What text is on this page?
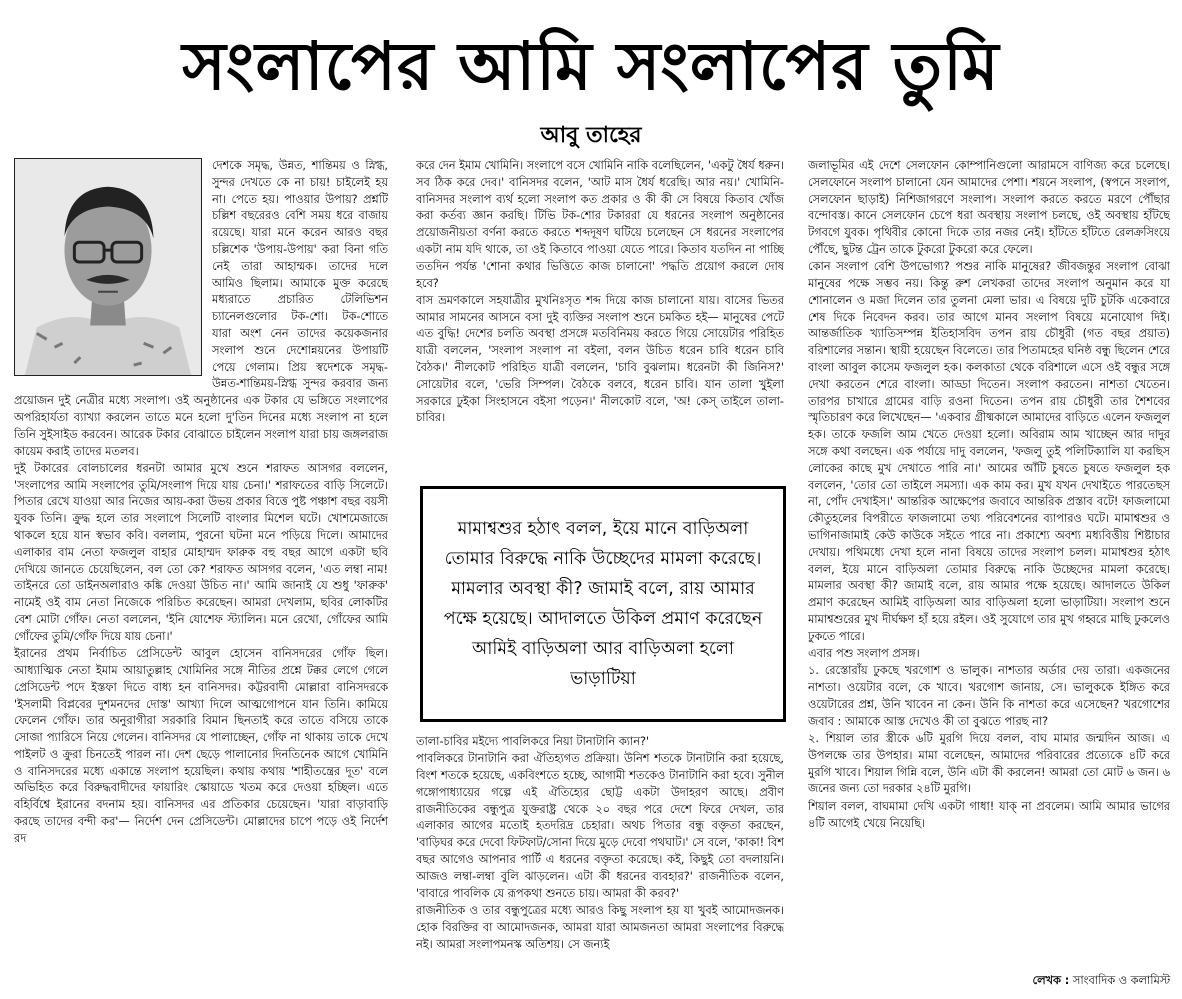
সংলাপের আমি সংলাপের তুমি
আবু তাহের

দেশকে সমৃদ্ধ, উন্নত, শান্তিময় ও স্নিগ্ধ, সুন্দর দেখতে কে না চায়! চাইলেই হয় না। পেতে হয়। পাওয়ার উপায়? প্রশ্নটি চল্লিশ বছরেরও বেশি সময় ধরে বাজায় রয়েছে। যারা মনে করেন আরও বছর চল্লিশেক 'উপায়-উপায়' করা বিনা গতি নেই তারা আহাম্মক। তাদের দলে আমিও ছিলাম। আমাকে মুক্ত করেছে মধ্যরাতে প্রচারিত টেলিভিশন চ্যানেলগুলোর টক-শো। টক-শোতে যারা অংশ নেন তাদের কয়েকজনার সংলাপ শুনে দেশোন্নয়নের উপায়টি পেয়ে গেলাম। প্রিয় স্বদেশকে সমৃদ্ধ-উন্নত-শান্তিময়-স্নিগ্ধ সুন্দর করবার জন্য প্রয়োজন দুই নেত্রীর মধ্যে সংলাপ। ওই অনুষ্ঠানের এক টকার যে ভঙ্গিতে সংলাপের অপরিহার্যতা ব্যাখ্যা করলেন তাতে মনে হলো দু'তিন দিনের মধ্যে সংলাপ না হলে তিনি সুইসাইড করবেন। আরেক টকার বোঝাতে চাইলেন সংলাপ যারা চায় জঙ্গলরাজ কায়েম করাই তাদের মতলব।

দুই টকারের বোলচালের ধরনটা আমার মুখে শুনে শরাফত আসগর বললেন, 'সংলাপের আমি সংলাপের তুমি/সংলাপ দিয়ে যায় চেনা।' শরাফতের বাড়ি সিলেটে। পিতার রেখে যাওয়া আর নিজের আয়-করা উভয় প্রকার বিত্তে পুষ্ট পঞ্চাশ বছর বয়সী যুবক তিনি। ক্রুদ্ধ হলে তার সংলাপে সিলেটি বাংলার মিশেল ঘটে। খোশমেজাজে থাকলে হয়ে যান স্বভাব কবি। বললাম, পুরনো ঘটনা মনে পড়িয়ে দিলে। আমাদের এলাকার বাম নেতা ফজলুল বাহার মোহাম্মদ ফারুক বহু বছর আগে একটা ছবি দেখিয়ে জানতে চেয়েছিলেন, বল তো কে? শরাফত আসগর বলেন, 'এত লম্বা নাম! তাইনরে তো ডাইনঅলারাও কঙ্কি দেওয়া উচিত না।' আমি জানাই যে শুধু 'ফারুক' নামেই ওই বাম নেতা নিজেকে পরিচিত করেছেন। আমরা দেখলাম, ছবির লোকটির বেশ মোটা গোঁফ। নেতা বললেন, 'ইনি যোশেফ স্ট্যালিন। মনে রেখো, গোঁফের আমি গোঁফের তুমি/গোঁফ দিয়ে যায় চেনা।'

ইরানের প্রথম নির্বাচিত প্রেসিডেন্ট আবুল হোসেন বানিসদরের গোঁফ ছিল। আধ্যাত্মিক নেতা ইমাম আয়াতুল্লাহ খোমিনির সঙ্গে নীতির প্রশ্নে টক্কর লেগে গেলে প্রেসিডেন্ট পদে ইস্তফা দিতে বাধ্য হন বানিসদর। কট্টরবাদী মোল্লারা বানিসদরকে 'ইসলামী বিপ্লবের দুশমনদের দোস্ত' আখ্যা দিলে আত্মগোপনে যান তিনি। কামিয়ে ফেলেন গোঁফ। তার অনুরাগীরা সরকারি বিমান ছিনতাই করে তাতে বসিয়ে তাকে সোজা প্যারিসে নিয়ে গেলেন। বানিসদর যে পালাচ্ছেন, গোঁফ না থাকায় তাকে দেখে পাইলট ও ক্রুরা চিনতেই পারল না। দেশ ছেড়ে পালানোর দিনতিনেক আগে খোমিনি ও বানিসদরের মধ্যে একান্তে সংলাপ হয়েছিল। কথায় কথায় 'শাহীতন্ত্রের দূত' বলে অভিহিত করে বিরুদ্ধবাদীদের ফায়ারিং স্কোয়াডে খতম করে দেওয়া হচ্ছিল। এতে বহির্বিশ্বে ইরানের বদনাম হয়। বানিসদর এর প্রতিকার চেয়েছেন। 'যারা বাড়াবাড়ি করছে তাদের বন্দী কর'— নির্দেশ দেন প্রেসিডেন্ট। মোল্লাদের চাপে পড়ে ওই নির্দেশ রদ

করে দেন ইমাম খোমিনি। সংলাপে বসে খোমিনি নাকি বলেছিলেন, 'একটু ধৈর্য ধরুন। সব ঠিক করে দেব।' বানিসদর বলেন, 'আট মাস ধৈর্য ধরেছি। আর নয়।' খোমিনি-বানিসদর সংলাপ ব্যর্থ হলো সংলাপ কত প্রকার ও কী কী সে বিষয়ে কিতাব খোঁজ করা কর্তব্য জ্ঞান করছি। টিভি টক-শোর টকাররা যে ধরনের সংলাপ অনুষ্ঠানের প্রয়োজনীয়তা বর্ণনা করতে করতে শব্দদূষণ ঘটিয়ে চলেছেন সে ধরনের সংলাপের একটা নাম যদি থাকে, তা ওই কিতাবে পাওয়া যেতে পারে। কিতাব যতদিন না পাচ্ছি ততদিন পর্যন্ত 'শোনা কথার ভিত্তিতে কাজ চালানো' পদ্ধতি প্রয়োগ করলে দোষ হবে?

বাস ভ্রমণকালে সহযাত্রীর মুখনিঃসৃত শব্দ দিয়ে কাজ চালানো যায়। বাসের ভিতর আমার সামনের আসনে বসা দুই ব্যক্তির সংলাপ শুনে চমকিত হই— মানুষের পেটে এত বুদ্ধি! দেশের চলতি অবস্থা প্রসঙ্গে মতবিনিময় করতে গিয়ে সোয়েটার পরিহিত যাত্রী বললেন, 'সংলাপ সংলাপ না বইলা, বলন উচিত ধরেন চাবি ধরেন চাবি বৈঠক।' নীলকোট পরিহিত যাত্রী বললেন, 'চাবি বুঝলাম। ধরেনটা কী জিনিস?' সোয়েটার বলে, 'ভেরি সিম্পল। বৈঠকে বলবে, ধরেন চাবি। যান তালা খুইলা সরকারে ঢুইকা সিংহাসনে বইসা পড়েন।' নীলকোট বলে, 'অ! কেস্ তাইলে তালা-চাবির।

মামাশ্বশুর হঠাৎ বলল, ইয়ে মানে বাড়িঅলা তোমার বিরুদ্ধে নাকি উচ্ছেদের মামলা করেছে। মামলার অবস্থা কী? জামাই বলে, রায় আমার পক্ষে হয়েছে। আদালতে উকিল প্রমাণ করেছেন আমিই বাড়িঅলা আর বাড়িঅলা হলো ভাড়াটিয়া

তালা-চাবির মইদ্যে পাবলিকরে নিয়া টানাটানি ক্যান?'

পাবলিকরে টানাটানি করা ঐতিহ্যগত প্রক্রিয়া। উনিশ শতকে টানাটানি করা হয়েছে, বিংশ শতকে হয়েছে, একবিংশতে হচ্ছে, আগামী শতকেও টানাটানি করা হবে। সুনীল গঙ্গোপাধ্যায়ের গল্পে এই ঐতিহ্যের ছোট্ট একটা উদাহরণ আছে। প্রবীণ রাজনীতিকের বন্ধুপুত্র যুক্তরাষ্ট্র থেকে ২০ বছর পরে দেশে ফিরে দেখল, তার এলাকার আগের মতোই হতদরিদ্র চেহারা। অথচ পিতার বন্ধু বক্তৃতা করছেন, 'বাড়িঘর করে দেবো ফিটফাট/সোনা দিয়ে মুড়ে দেবো পথঘাট।' সে বলে, 'কাকা! বিশ বছর আগেও আপনার পার্টি এ ধরনের বক্তৃতা করেছে। কই, কিছুই তো বদলায়নি। আজও লম্বা-লম্বা বুলি ঝাড়লেন। এটা কী ধরনের ব্যবহার?' রাজনীতিক বলেন, 'বাবারে পাবলিক যে রূপকথা শুনতে চায়। আমরা কী করব?'

রাজনীতিক ও তার বন্ধুপুত্রের মধ্যে আরও কিছু সংলাপ হয় যা খুবই আমোদজনক। হোক বিরক্তির বা আমোদজনক, আমরা যারা আমজনতা আমরা সংলাপের বিরুদ্ধে নই। আমরা সংলাপমনস্ক অতিশয়। সে জন্যই

জলাভূমির এই দেশে সেলফোন কোম্পানিগুলো আরামসে বাণিজ্য করে চলেছে। সেলফোনে সংলাপ চালানো যেন আমাদের পেশা। শয়নে সংলাপ, (স্বপনে সংলাপ, সেলফোন ছাড়াই) নিশিজাগরণে সংলাপ। সংলাপ করতে করতে মরণে পৌঁছার বন্দোবস্ত। কানে সেলফোন চেপে ধরা অবস্থায় সংলাপ চলছে, ওই অবস্থায় হাঁটছে টগবগে যুবক। পৃথিবীর কোনো দিকে তার নজর নেই। হাঁটতে হাঁটতে রেলক্রসিংয়ে পৌঁছে, ছুটন্ত ট্রেন তাকে টুকরো টুকরো করে ফেলে।

কোন সংলাপ বেশি উপভোগ্য? পশুর নাকি মানুষের? জীবজন্তুর সংলাপ বোঝা মানুষের পক্ষে সম্ভব নয়। কিন্তু রুশ লেখকরা তাদের সংলাপ অনুমান করে যা শোনালেন ও মজা দিলেন তার তুলনা মেলা ভার। এ বিষয়ে দুটি চুটকি একেবারে শেষ দিকে নিবেদন করব। তার আগে মানব সংলাপ বিষয়ে মনোযোগ দিই। আন্তর্জাতিক খ্যাতিসম্পন্ন ইতিহাসবিদ তপন রায় চৌধুরী (গত বছর প্রয়াত) বরিশালের সন্তান। স্থায়ী হয়েছেন বিলেতে। তার পিতামহের ঘনিষ্ঠ বন্ধু ছিলেন শেরে বাংলা আবুল কাসেম ফজলুল হক। কলকাতা থেকে বরিশালে এসে ওই বন্ধুর সঙ্গে দেখা করতেন শেরে বাংলা। আড্ডা দিতেন। সংলাপ করতেন। নাশতা খেতেন। তারপর চাখারে গ্রামের বাড়ি রওনা দিতেন। তপন রায় চৌধুরী তার শৈশবের স্মৃতিচারণ করে লিখেছেন— 'একবার গ্রীষ্মকালে আমাদের বাড়িতে এলেন ফজলুল হক। তাকে ফজলি আম খেতে দেওয়া হলো। অবিরাম আম খাচ্ছেন আর দাদুর সঙ্গে কথা বলছেন। এক পর্যায়ে দাদু বললেন, 'ফজলু তুই পলিটিক্যালি যা করছিস লোকের কাছে মুখ দেখাতে পারি না।' আমের আঁটি চুষতে চুষতে ফজলুল হক বললেন, 'তোর তো তাইলে সমস্যা। এক কাম কর। মুখ যখন দেখাইতে পারতেছস না, পোঁদ দেখাইস।' আন্তরিক আক্ষেপের জবাবে আন্তরিক প্রস্তাব বটে! ফাজলামো কৌতুহলের বিপরীতে ফাজলামো তথ্য পরিবেশনের ব্যাপারও ঘটে। মামাশ্বশুর ও ভাগিনাজামাই কেউ কাউকে সইতে পারে না। প্রকাশ্যে অবশ্য মধ্যবিত্তীয় শিষ্টাচার দেখায়। পথিমধ্যে দেখা হলে নানা বিষয়ে তাদের সংলাপ চলল। মামাশ্বশুর হঠাৎ বলল, ইয়ে মানে বাড়িঅলা তোমার বিরুদ্ধে নাকি উচ্ছেদের মামলা করেছে। মামলার অবস্থা কী? জামাই বলে, রায় আমার পক্ষে হয়েছে। আদালতে উকিল প্রমাণ করেছেন আমিই বাড়িঅলা আর বাড়িঅলা হলো ভাড়াটিয়া। সংলাপ শুনে মামাশ্বশুরের মুখ দীর্ঘক্ষণ হাঁ হয়ে রইল। ওই সুযোগে তার মুখ গহ্বরে মাছি ঢুকলেও ঢুকতে পারে।

এবার পশু সংলাপ প্রসঙ্গ।

১. রেস্তোরাঁয় ঢুকছে খরগোশ ও ভালুক। নাশতার অর্ডার দেয় তারা। একজনের নাশতা। ওয়েটার বলে, কে খাবে। খরগোশ জানায়, সে। ভালুককে ইঙ্গিত করে ওয়েটারের প্রশ্ন, উনি খাবেন না কেন। উনি কি নাশতা করে এসেছেন? খরগোশের জবাব : আমাকে আস্ত দেখেও কী তা বুঝতে পারছ না?

২. শিয়াল তার স্ত্রীকে ৬টি মুরগি দিয়ে বলল, বাঘ মামার জন্মদিন আজ। এ উপলক্ষে তার উপহার। মামা বলেছেন, আমাদের পরিবারের প্রত্যেকে ৪টি করে মুরগি খাবে। শিয়াল গিন্নি বলে, উনি এটা কী করলেন! আমরা তো মোট ৬ জন। ৬ জনের জন্য তো দরকার ২৪টি মুরগি।

শিয়াল বলল, বাঘমামা দেখি একটা গাধা! যাক্ না প্রবলেম। আমি আমার ভাগের ৪টি আগেই খেয়ে নিয়েছি।

লেখক : সাংবাদিক ও কলামিস্ট
